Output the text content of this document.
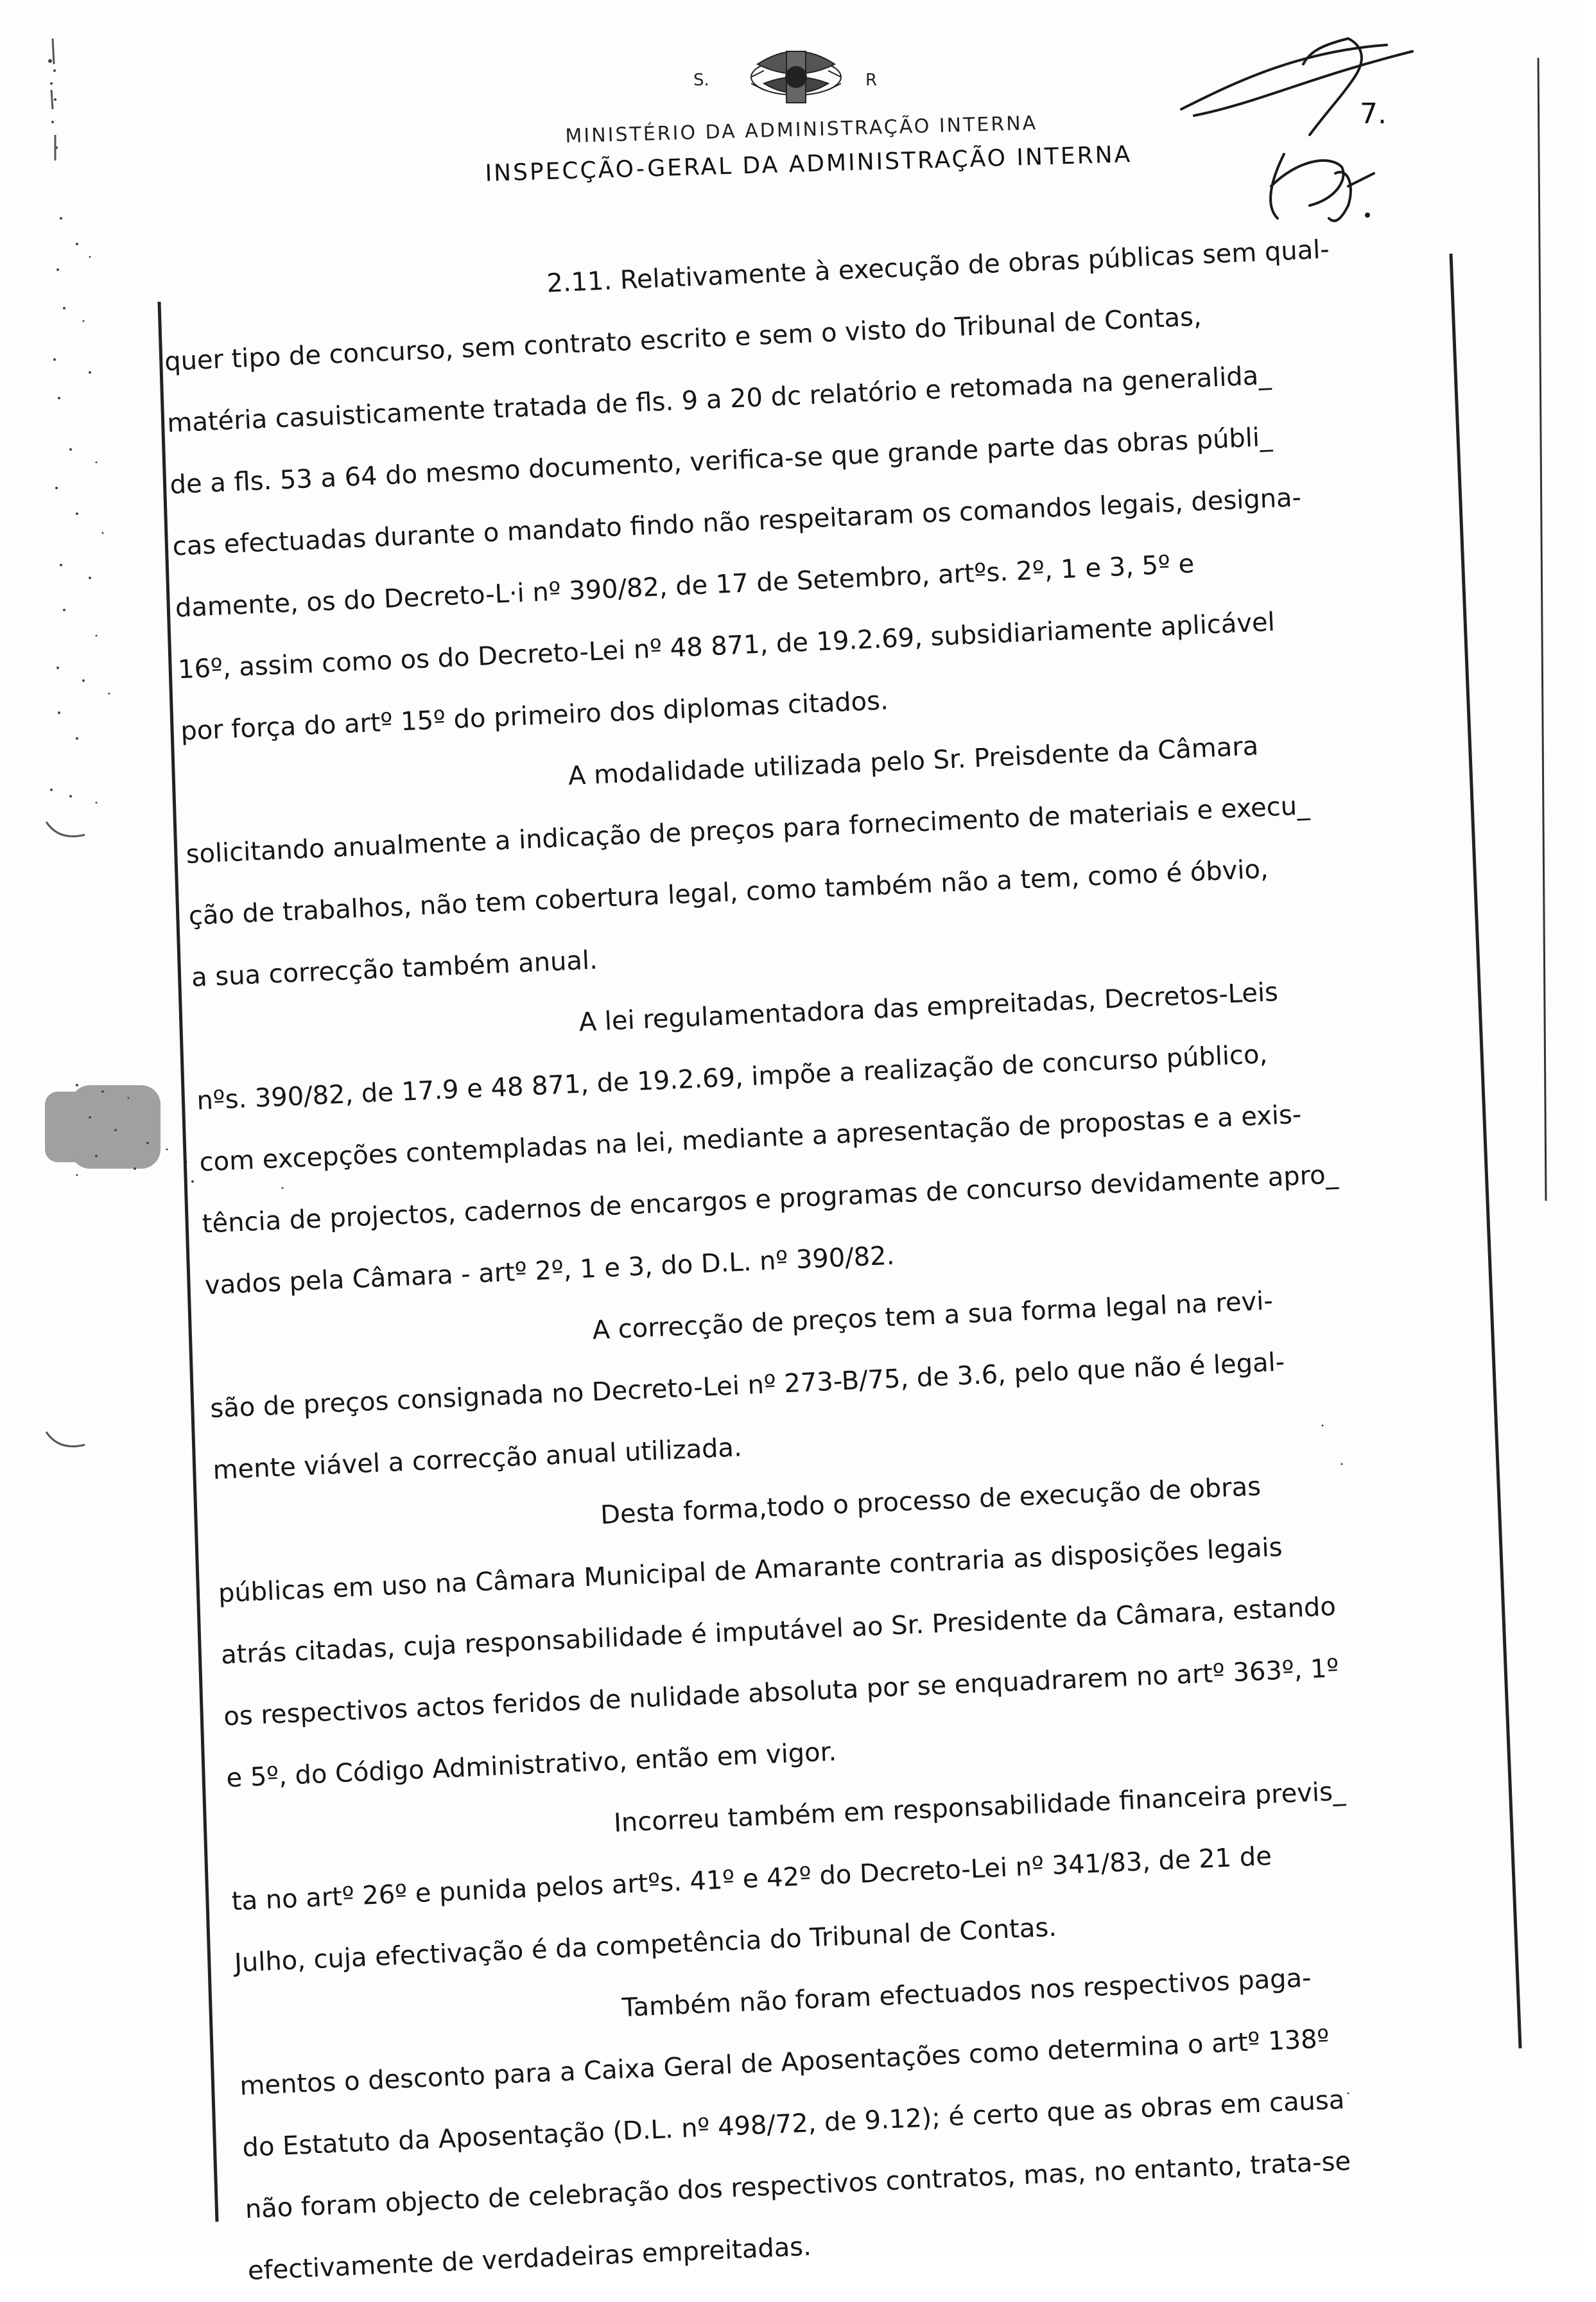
S.	R
MINISTÉRIO DA ADMINISTRAÇÃO INTERNA
INSPECÇÃO-GERAL DA ADMINISTRAÇÃO INTERNA
7.
2.11. Relativamente à execução de obras públicas sem qual-
quer tipo de concurso, sem contrato escrito e sem o visto do Tribunal de Contas,
matéria casuisticamente tratada de fls. 9 a 20 dc relatório e retomada na generalida_
de a fls. 53 a 64 do mesmo documento, verifica-se que grande parte das obras públi_
cas efectuadas durante o mandato findo não respeitaram os comandos legais, designa-
damente, os do Decreto-L·i nº 390/82, de 17 de Setembro, artºs. 2º, 1 e 3, 5º e
16º, assim como os do Decreto-Lei nº 48 871, de 19.2.69, subsidiariamente aplicável
por força do artº 15º do primeiro dos diplomas citados.
A modalidade utilizada pelo Sr. Preisdente da Câmara
solicitando anualmente a indicação de preços para fornecimento de materiais e execu_
ção de trabalhos, não tem cobertura legal, como também não a tem, como é óbvio,
a sua correcção também anual.
A lei regulamentadora das empreitadas, Decretos-Leis
nºs. 390/82, de 17.9 e 48 871, de 19.2.69, impõe a realização de concurso público,
com excepções contempladas na lei, mediante a apresentação de propostas e a exis-
tência de projectos, cadernos de encargos e programas de concurso devidamente apro_
vados pela Câmara - artº 2º, 1 e 3, do D.L. nº 390/82.
A correcção de preços tem a sua forma legal na revi-
são de preços consignada no Decreto-Lei nº 273-B/75, de 3.6, pelo que não é legal-
mente viável a correcção anual utilizada.
Desta forma,todo o processo de execução de obras
públicas em uso na Câmara Municipal de Amarante contraria as disposições legais
atrás citadas, cuja responsabilidade é imputável ao Sr. Presidente da Câmara, estando
os respectivos actos feridos de nulidade absoluta por se enquadrarem no artº 363º, 1º
e 5º, do Código Administrativo, então em vigor.
Incorreu também em responsabilidade financeira previs_
ta no artº 26º e punida pelos artºs. 41º e 42º do Decreto-Lei nº 341/83, de 21 de
Julho, cuja efectivação é da competência do Tribunal de Contas.
Também não foram efectuados nos respectivos paga-
mentos o desconto para a Caixa Geral de Aposentações como determina o artº 138º
do Estatuto da Aposentação (D.L. nº 498/72, de 9.12); é certo que as obras em causa
não foram objecto de celebração dos respectivos contratos, mas, no entanto, trata-se
efectivamente de verdadeiras empreitadas.
